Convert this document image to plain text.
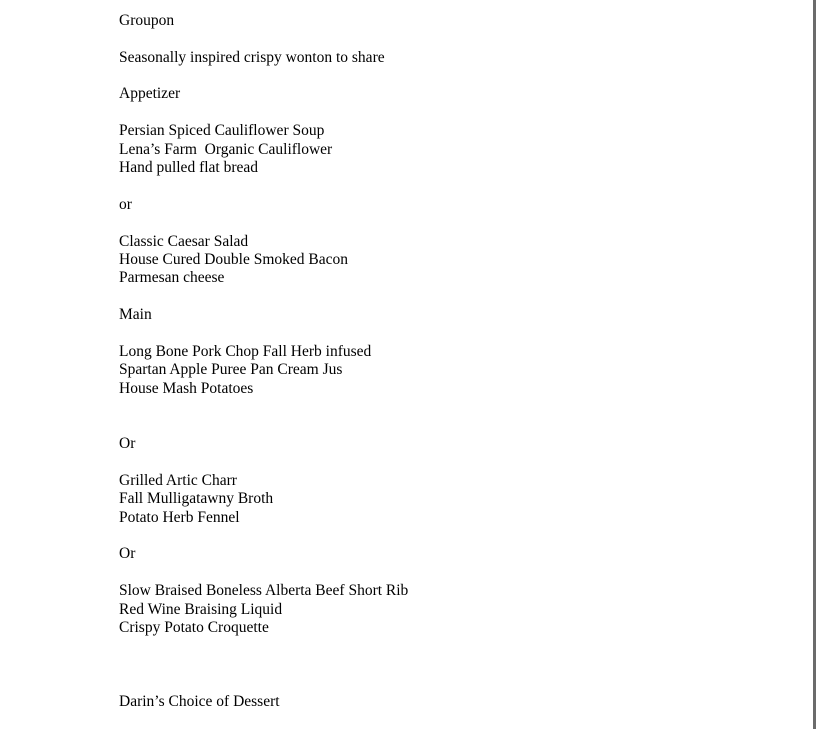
Groupon
Seasonally inspired crispy wonton to share
Appetizer
Persian Spiced Cauliflower Soup
Lena’s Farm  Organic Cauliflower
Hand pulled flat bread
or
Classic Caesar Salad
House Cured Double Smoked Bacon
Parmesan cheese
Main
Long Bone Pork Chop Fall Herb infused
Spartan Apple Puree Pan Cream Jus
House Mash Potatoes
Or
Grilled Artic Charr
Fall Mulligatawny Broth
Potato Herb Fennel
Or
Slow Braised Boneless Alberta Beef Short Rib
Red Wine Braising Liquid
Crispy Potato Croquette
Darin’s Choice of Dessert
